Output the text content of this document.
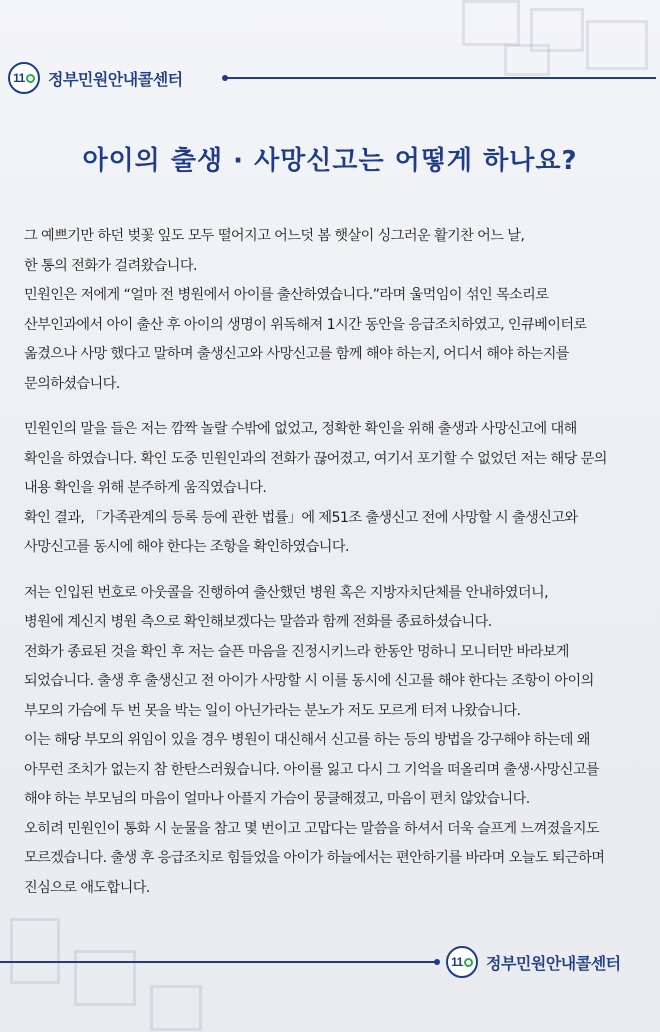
11 정부민원안내콜센터
아이의 출생 · 사망신고는 어떻게 하나요?
그 예쁘기만 하던 벚꽃 잎도 모두 떨어지고 어느덧 봄 햇살이 싱그러운 활기찬 어느 날,
한 통의 전화가 걸려왔습니다.
민원인은 저에게 “얼마 전 병원에서 아이를 출산하였습니다.”라며 울먹임이 섞인 목소리로
산부인과에서 아이 출산 후 아이의 생명이 위독해져 1시간 동안을 응급조치하였고, 인큐베이터로
옮겼으나 사망 했다고 말하며 출생신고와 사망신고를 함께 해야 하는지, 어디서 해야 하는지를
문의하셨습니다.
민원인의 말을 들은 저는 깜짝 놀랄 수밖에 없었고, 정확한 확인을 위해 출생과 사망신고에 대해
확인을 하였습니다. 확인 도중 민원인과의 전화가 끊어졌고, 여기서 포기할 수 없었던 저는 해당 문의
내용 확인을 위해 분주하게 움직였습니다.
확인 결과, 「가족관계의 등록 등에 관한 법률」에 제51조 출생신고 전에 사망할 시 출생신고와
사망신고를 동시에 해야 한다는 조항을 확인하였습니다.
저는 인입된 번호로 아웃콜을 진행하여 출산했던 병원 혹은 지방자치단체를 안내하였더니,
병원에 계신지 병원 측으로 확인해보겠다는 말씀과 함께 전화를 종료하셨습니다.
전화가 종료된 것을 확인 후 저는 슬픈 마음을 진정시키느라 한동안 멍하니 모니터만 바라보게
되었습니다. 출생 후 출생신고 전 아이가 사망할 시 이를 동시에 신고를 해야 한다는 조항이 아이의
부모의 가슴에 두 번 못을 박는 일이 아닌가라는 분노가 저도 모르게 터져 나왔습니다.
이는 해당 부모의 위임이 있을 경우 병원이 대신해서 신고를 하는 등의 방법을 강구해야 하는데 왜
아무런 조치가 없는지 참 한탄스러웠습니다. 아이를 잃고 다시 그 기억을 떠올리며 출생·사망신고를
해야 하는 부모님의 마음이 얼마나 아플지 가슴이 뭉클해졌고, 마음이 편치 않았습니다.
오히려 민원인이 통화 시 눈물을 참고 몇 번이고 고맙다는 말씀을 하셔서 더욱 슬프게 느껴졌을지도
모르겠습니다. 출생 후 응급조치로 힘들었을 아이가 하늘에서는 편안하기를 바라며 오늘도 퇴근하며
진심으로 애도합니다.
11 정부민원안내콜센터
